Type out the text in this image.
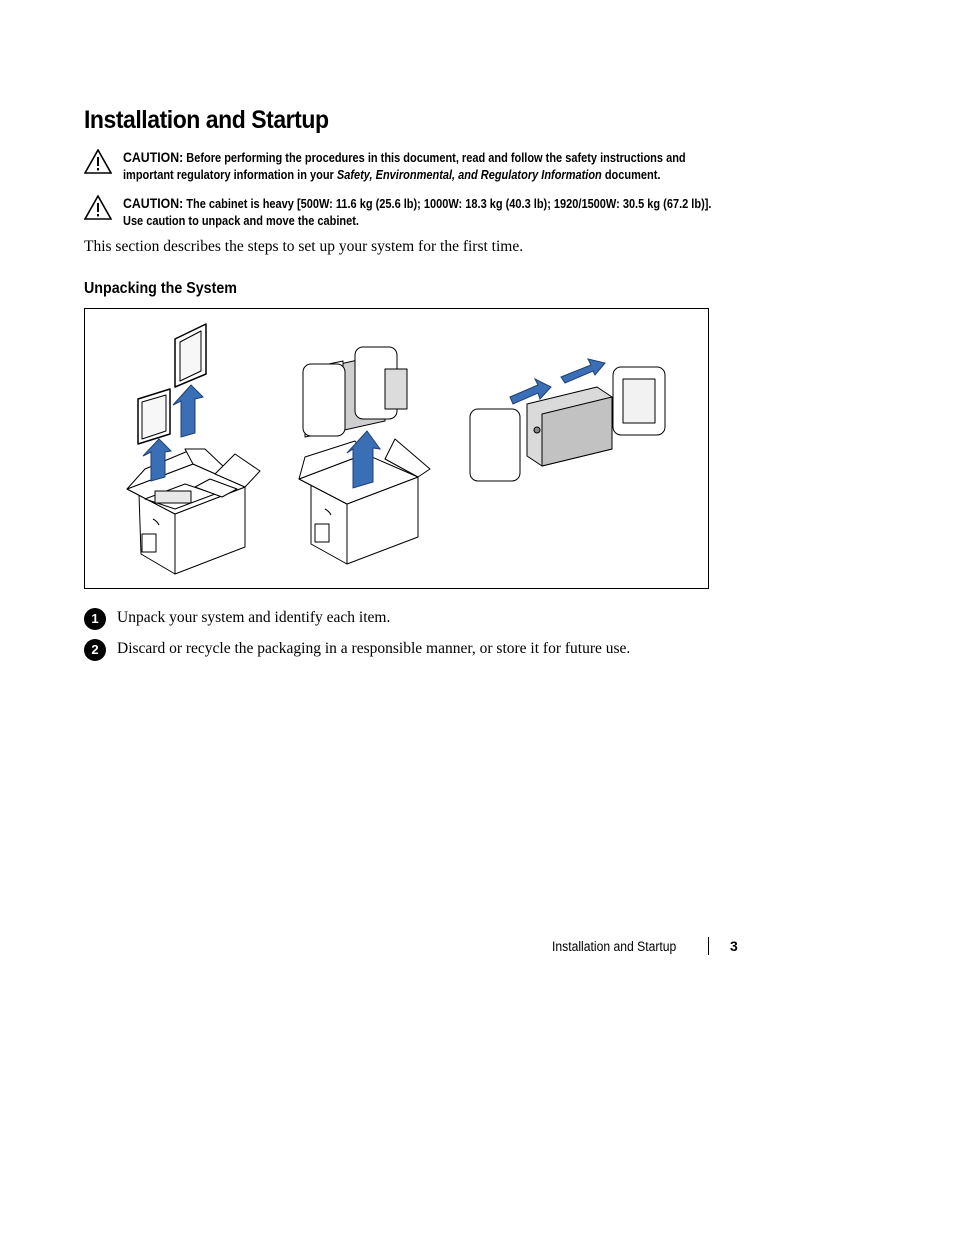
Installation and Startup
CAUTION: Before performing the procedures in this document, read and follow the safety instructions and
important regulatory information in your Safety, Environmental, and Regulatory Information document.
CAUTION: The cabinet is heavy [500W: 11.6 kg (25.6 lb); 1000W: 18.3 kg (40.3 lb); 1920/1500W: 30.5 kg (67.2 lb)].
Use caution to unpack and move the cabinet.
This section describes the steps to set up your system for the first time.
Unpacking the System
1	Unpack your system and identify each item.
2	Discard or recycle the packaging in a responsible manner, or store it for future use.
Installation and Startup	3
